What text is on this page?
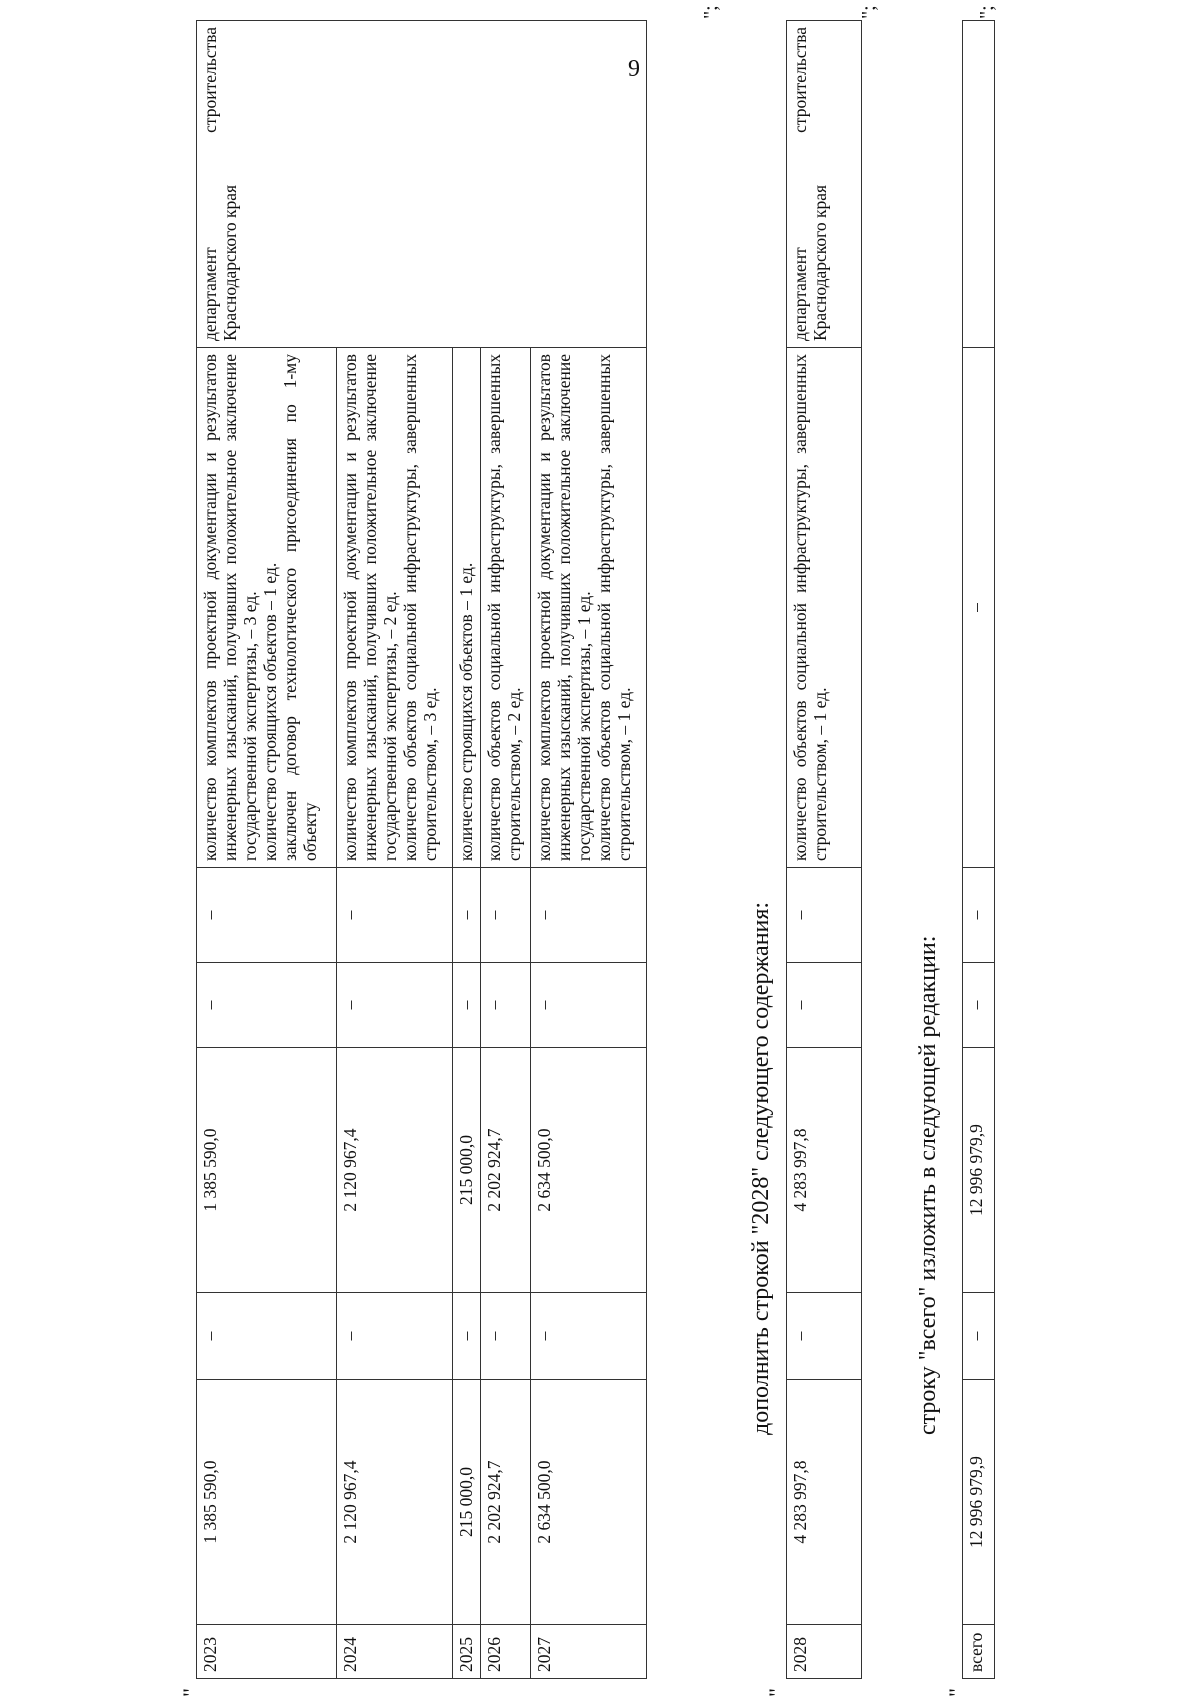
9
"
2023	1 385 590,0	–	1 385 590,0	–	–	количество комплектов проектной документации и результатов инженерных изысканий, получивших положительное заключение государственной экспертизы, – 3 ед. количество строящихся объектов – 1 ед. заключен договор технологического присоединения по 1-му объекту	департамент строительства Краснодарского края
2024	2 120 967,4	–	2 120 967,4	–	–	количество комплектов проектной документации и результатов инженерных изысканий, получивших положительное заключение государственной экспертизы, – 2 ед. количество объектов социальной инфраструктуры, завершенных строительством, – 3 ед.	

2025	215 000,0	–	215 000,0	–	–	количество строящихся объектов – 1 ед.	

2026	2 202 924,7	–	2 202 924,7	–	–	количество объектов социальной инфраструктуры, завершенных строительством, – 2 ед.	

2027	2 634 500,0	–	2 634 500,0	–	–	количество комплектов проектной документации и результатов инженерных изысканий, получивших положительное заключение государственной экспертизы, – 1 ед. количество объектов социальной инфраструктуры, завершенных строительством, – 1 ед.	
";
дополнить строкой "2028" следующего содержания:
"
2028	4 283 997,8	–	4 283 997,8	–	–	количество объектов социальной инфраструктуры, завершенных строительством, – 1 ед.	департамент строительства Краснодарского края
";
строку "всего" изложить в следующей редакции:
"
всего	12 996 979,9	–	12 996 979,9	–	–	–	
";
